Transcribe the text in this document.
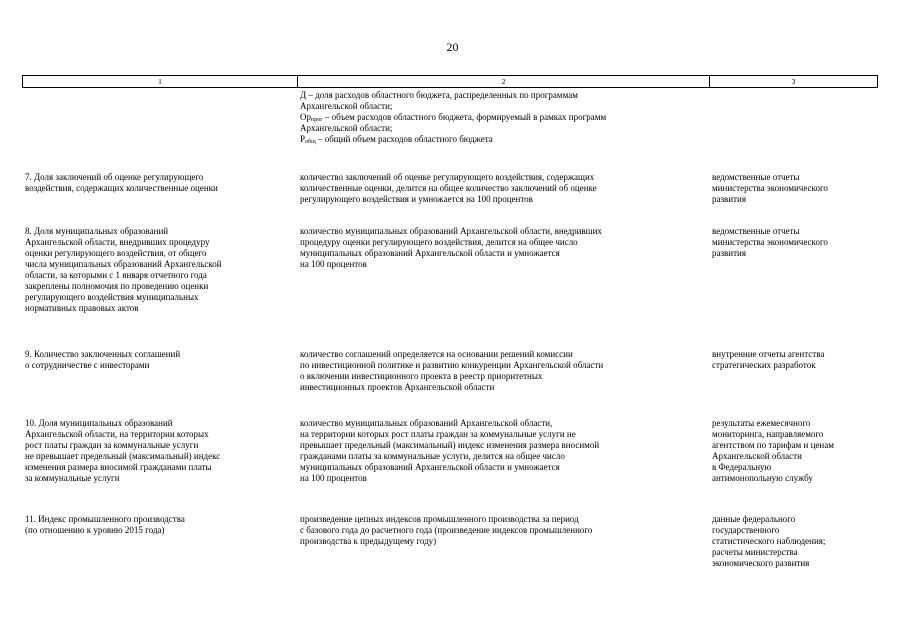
20
1	2	3
Д – доля расходов областного бюджета, распределенных по программам
Архангельской области;
$Ор_{прог}$ – объем расходов областного бюджета, формируемый в рамках программ
Архангельской области;
$Р_{общ}$ – общий объем расходов областного бюджета
7. Доля заключений об оценке регулирующего
воздействия, содержащих количественные оценки
количество заключений об оценке регулирующего воздействия, содержащих
количественные оценки, делится на общее количество заключений об оценке
регулирующего воздействия и умножается на 100 процентов
ведомственные отчеты
министерства экономического
развития
8. Доля муниципальных образований
Архангельской области, внедривших процедуру
оценки регулирующего воздействия, от общего
числа муниципальных образований Архангельской
области, за которыми с 1 января отчетного года
закреплены полномочия по проведению оценки
регулирующего воздействия муниципальных
нормативных правовых актов
количество муниципальных образований Архангельской области, внедривших
процедуру оценки регулирующего воздействия, делится на общее число
муниципальных образований Архангельской области и умножается
на 100 процентов
ведомственные отчеты
министерства экономического
развития
9. Количество заключенных соглашений
о сотрудничестве с инвесторами
количество соглашений определяется на основании решений комиссии
по инвестиционной политике и развитию конкуренции Архангельской области
о включении инвестиционного проекта в реестр приоритетных
инвестиционных проектов Архангельской области
внутренние отчеты агентства
стратегических разработок
10. Доля муниципальных образований
Архангельской области, на территории которых
рост платы граждан за коммунальные услуги
не превышает предельный (максимальный) индекс
изменения размера вносимой гражданами платы
за коммунальные услуги
количество муниципальных образований Архангельской области,
на территории которых рост платы граждан за коммунальные услуги не
превышает предельный (максимальный) индекс изменения размера вносимой
гражданами платы за коммунальные услуги, делится на общее число
муниципальных образований Архангельской области и умножается
на 100 процентов
результаты ежемесячного
мониторинга, направляемого
агентством по тарифам и ценам
Архангельской области
в Федеральную
антимонопольную службу
11. Индекс промышленного производства
(по отношению к уровню 2015 года)
произведение цепных индексов промышленного производства за период
с базового года до расчетного года (произведение индексов промышленного
производства к предыдущему году)
данные федерального
государственного
статистического наблюдения;
расчеты министерства
экономического развития
